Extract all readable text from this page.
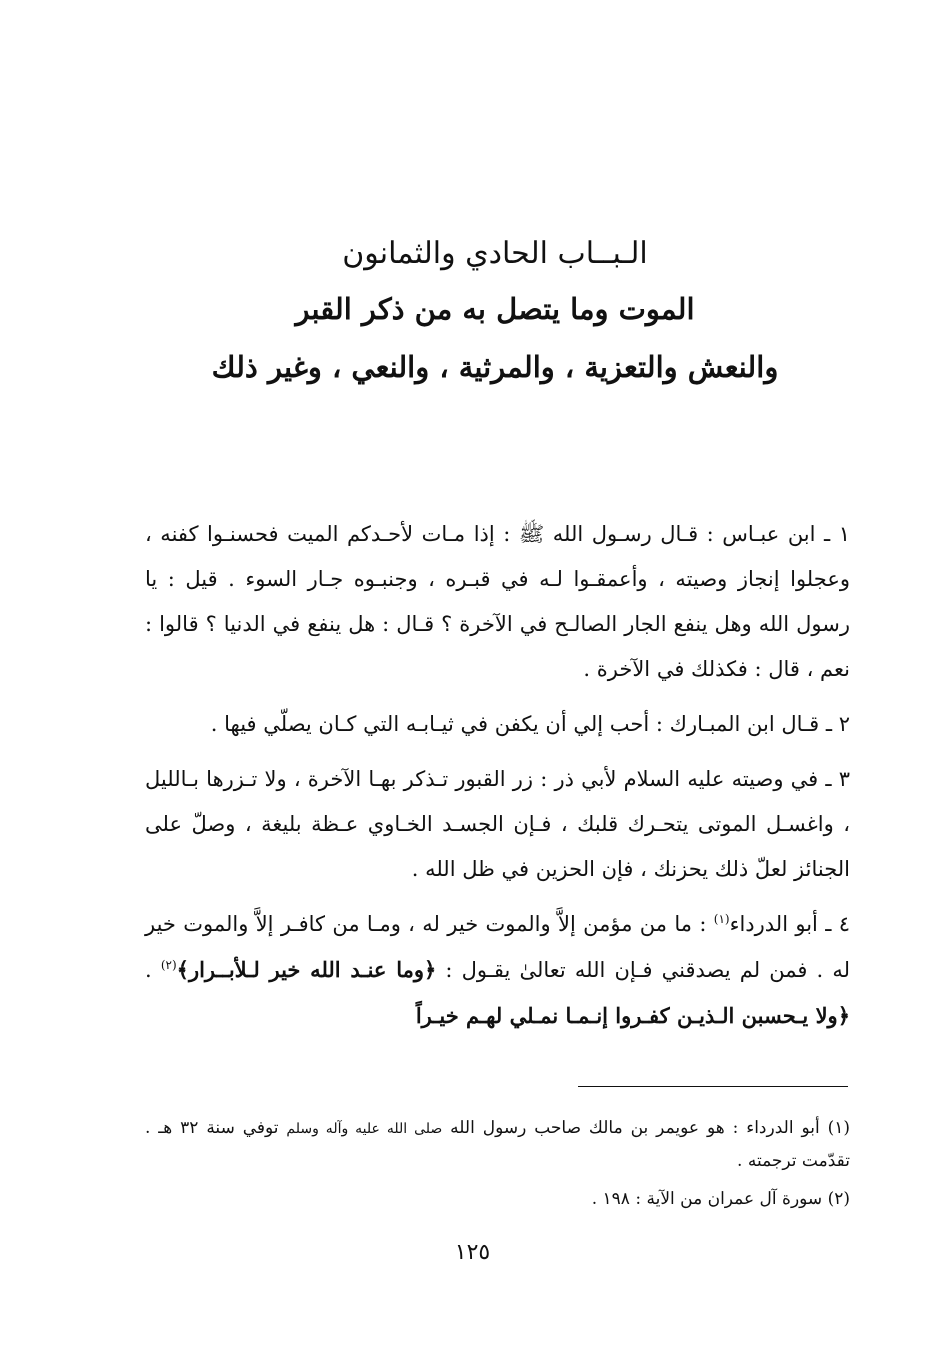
الـبــاب الحادي والثمانون
الموت وما يتصل به من ذكر القبر
والنعش والتعزية ، والمرثية ، والنعي ، وغير ذلك

١ ـ ابن عبـاس : قـال رسـول الله ﷺ : إذا مـات لأحـدكم الميت فحسنـوا كفنه ، وعجلوا إنجاز وصيته ، وأعمقـوا لـه في قبـره ، وجنبـوه جـار السوء . قيل : يا رسول الله وهل ينفع الجار الصالـح في الآخرة ؟ قـال : هل ينفع في الدنيا ؟ قالوا : نعم ، قال : فكذلك في الآخرة .

٢ ـ قـال ابن المبـارك : أحب إلي أن يكفن في ثيـابـه التي كـان يصلّي فيها .

٣ ـ في وصيته عليه السلام لأبي ذر : زر القبور تـذكر بهـا الآخرة ، ولا تـزرها بـالليل ، واغسـل الموتى يتحـرك قلبك ، فـإن الجسـد الخـاوي عـظة بليغة ، وصلّ على الجنائز لعلّ ذلك يحزنك ، فإن الحزين في ظل الله .

٤ ـ أبو الدرداء$^{(١)}$ : ما من مؤمن إلاَّ والموت خير له ، ومـا من كافـر إلاَّ والموت خير له . فمن لم يصدقني فـإن الله تعالىٰ يقـول : ﴿وما عنـد الله خير لـلأبــرار﴾$^{(٢)}$ . ﴿ولا يـحسبن الـذيـن كفـروا إنـمـا نمـلي لهـم خيـراً

(١) أبو الدرداء : هو عويمر بن مالك صاحب رسول الله صلى الله عليه وآله وسلم توفي سنة ٣٢ هـ . تقدّمت ترجمته .

(٢) سورة آل عمران من الآية : ١٩٨ .

١٢٥
